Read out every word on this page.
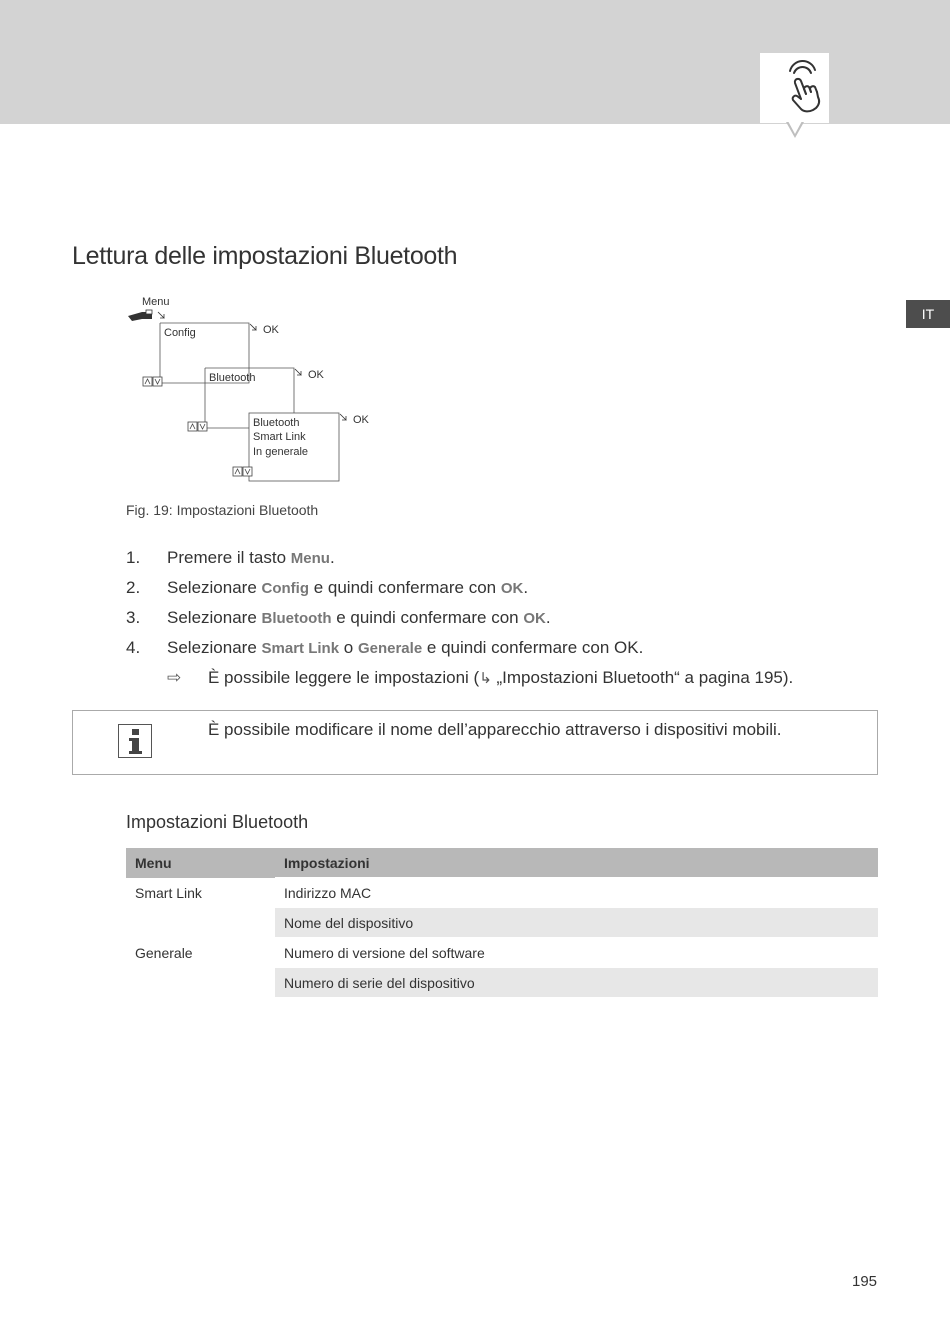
IT
Lettura delle impostazioni Bluetooth
Menu
Config	OK
Bluetooth	OK
Bluetooth
Smart Link
In generale
OK
Fig. 19: Impostazioni Bluetooth
1. Premere il tasto Menu.
2. Selezionare Config e quindi confermare con OK.
3. Selezionare Bluetooth e quindi confermare con OK.
4. Selezionare Smart Link o Generale e quindi confermare con OK.
⇨ È possibile leggere le impostazioni (↳ „Impostazioni Bluetooth“ a pagina 195).
È possibile modificare il nome dell’apparecchio attraverso i dispositivi mobili.
Impostazioni Bluetooth
Menu	Impostazioni
Smart Link	Indirizzo MAC
	Nome del dispositivo
Generale	Numero di versione del software
	Numero di serie del dispositivo
195
